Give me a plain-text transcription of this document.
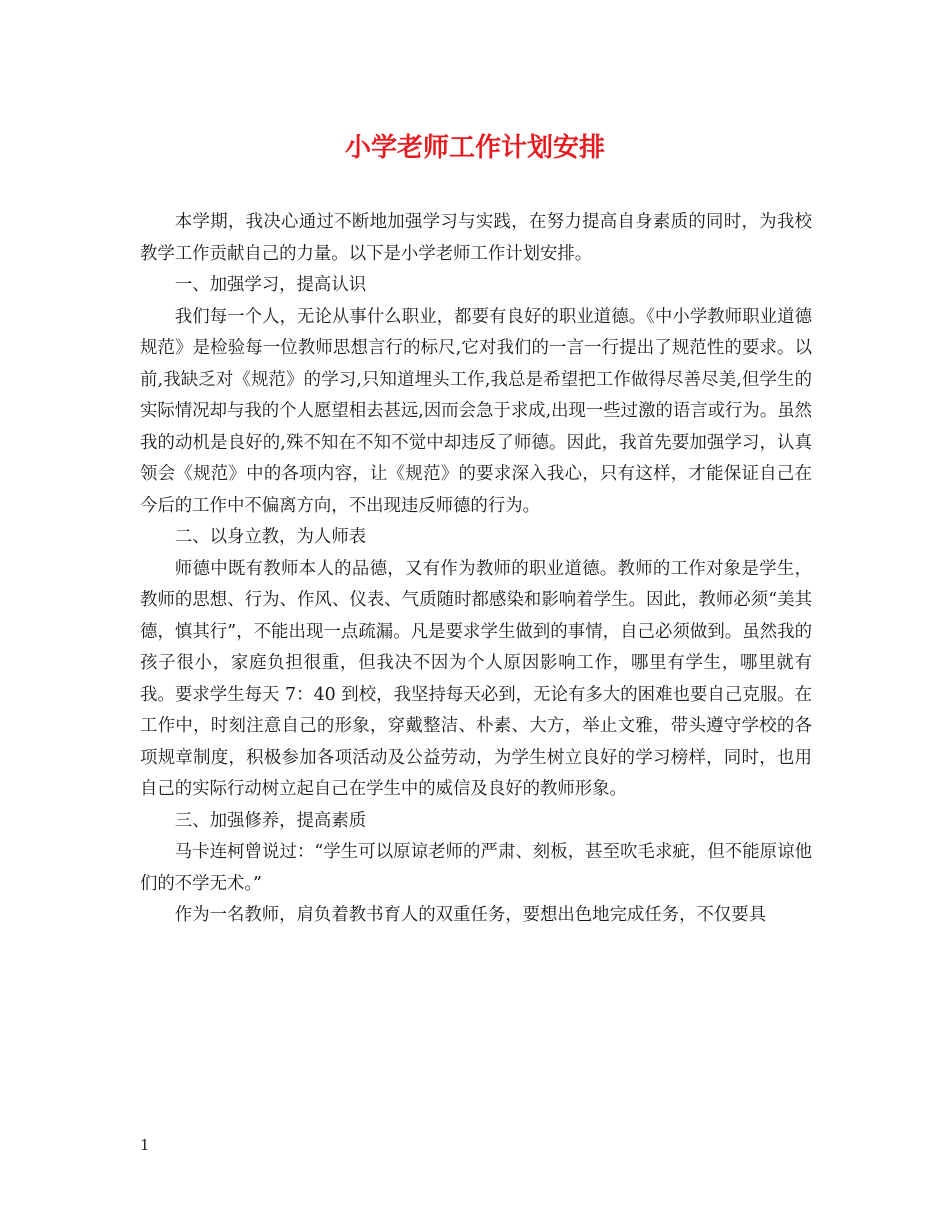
小学老师工作计划安排

本学期，我决心通过不断地加强学习与实践，在努力提高自身素质的同时，为我校教学工作贡献自己的力量。以下是小学老师工作计划安排。

一、加强学习，提高认识

我们每一个人，无论从事什么职业，都要有良好的职业道德。《中小学教师职业道德规范》是检验每一位教师思想言行的标尺,它对我们的一言一行提出了规范性的要求。以前,我缺乏对《规范》的学习,只知道埋头工作,我总是希望把工作做得尽善尽美,但学生的实际情况却与我的个人愿望相去甚远,因而会急于求成,出现一些过激的语言或行为。虽然我的动机是良好的,殊不知在不知不觉中却违反了师德。因此，我首先要加强学习，认真领会《规范》中的各项内容，让《规范》的要求深入我心，只有这样，才能保证自己在今后的工作中不偏离方向，不出现违反师德的行为。

二、以身立教，为人师表

师德中既有教师本人的品德，又有作为教师的职业道德。教师的工作对象是学生，教师的思想、行为、作风、仪表、气质随时都感染和影响着学生。因此，教师必须“美其德，慎其行”，不能出现一点疏漏。凡是要求学生做到的事情，自己必须做到。虽然我的孩子很小，家庭负担很重，但我决不因为个人原因影响工作，哪里有学生，哪里就有我。要求学生每天 7：40 到校，我坚持每天必到，无论有多大的困难也要自己克服。在工作中，时刻注意自己的形象，穿戴整洁、朴素、大方，举止文雅，带头遵守学校的各项规章制度，积极参加各项活动及公益劳动，为学生树立良好的学习榜样，同时，也用自己的实际行动树立起自己在学生中的威信及良好的教师形象。

三、加强修养，提高素质

马卡连柯曾说过：“学生可以原谅老师的严肃、刻板，甚至吹毛求疵，但不能原谅他们的不学无术。”

作为一名教师，肩负着教书育人的双重任务，要想出色地完成任务，不仅要具

1
